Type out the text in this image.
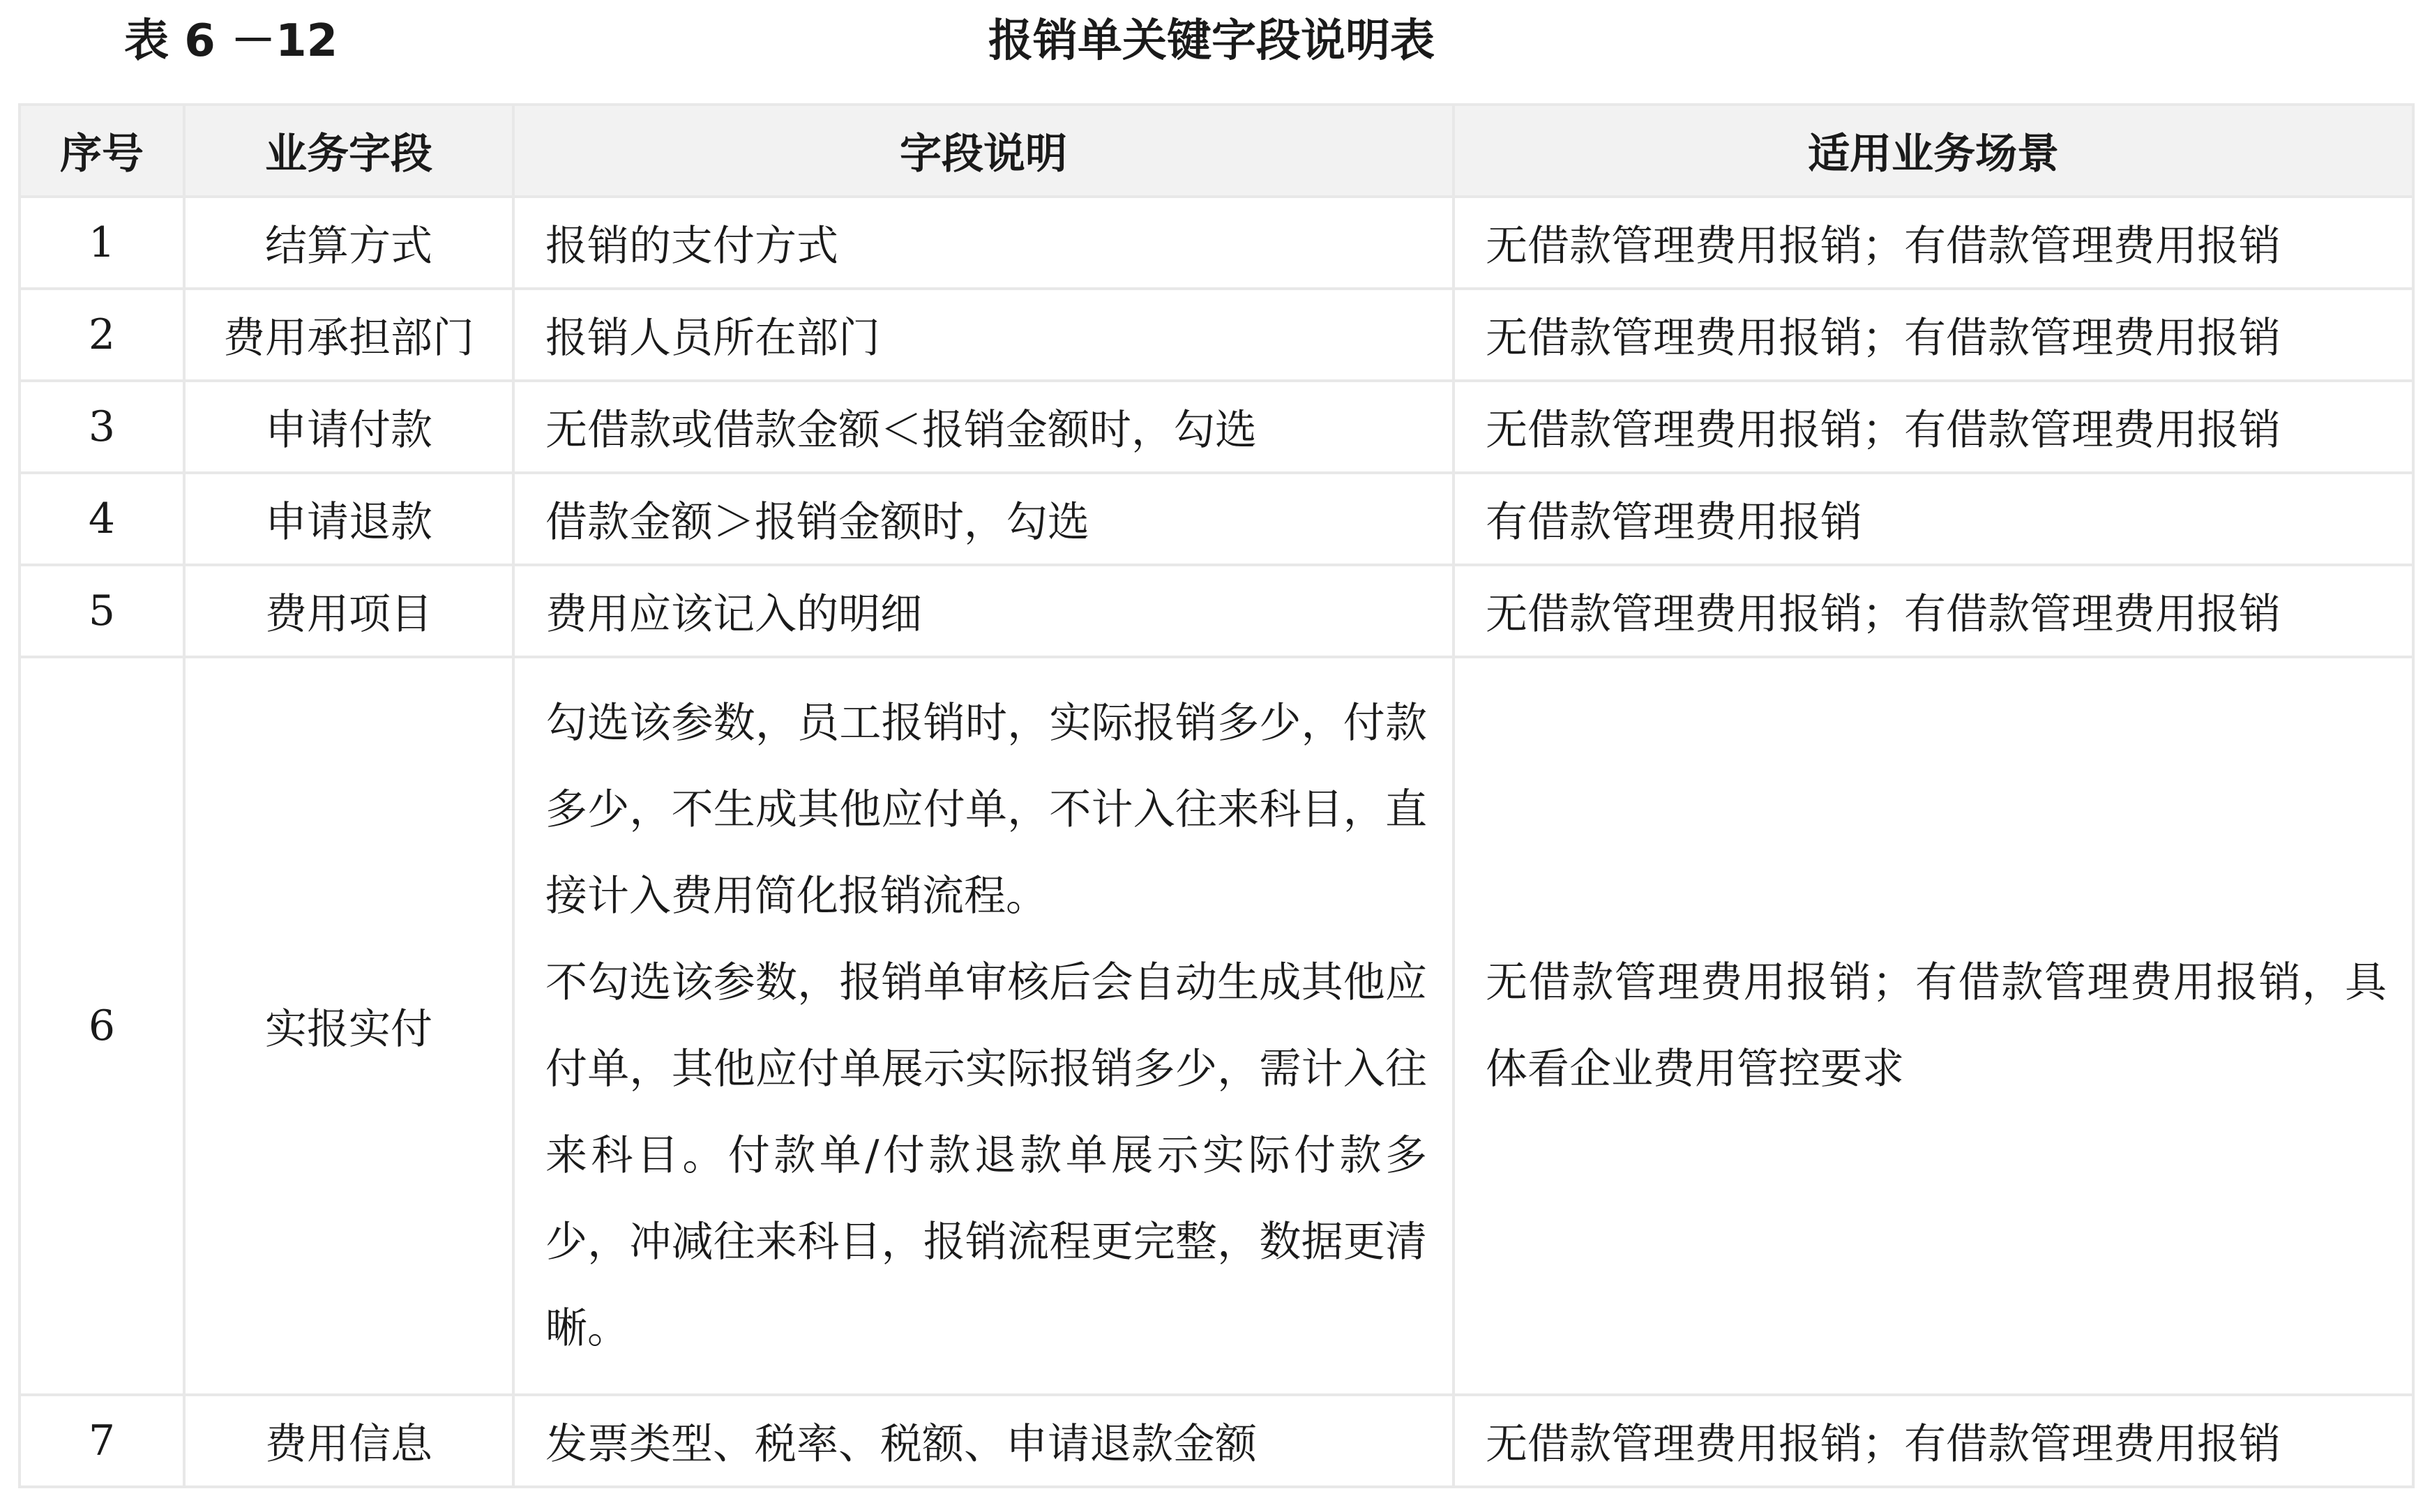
表 6 －12	报销单关键字段说明表
序号	业务字段	字段说明	适用业务场景
1	结算方式	报销的支付方式	无借款管理费用报销；有借款管理费用报销
2	费用承担部门	报销人员所在部门	无借款管理费用报销；有借款管理费用报销
3	申请付款	无借款或借款金额＜报销金额时，勾选	无借款管理费用报销；有借款管理费用报销
4	申请退款	借款金额＞报销金额时，勾选	有借款管理费用报销
5	费用项目	费用应该记入的明细	无借款管理费用报销；有借款管理费用报销
6	实报实付	勾选该参数，员工报销时，实际报销多少，付款多少，不生成其他应付单，不计入往来科目，直接计入费用简化报销流程。
不勾选该参数，报销单审核后会自动生成其他应付单，其他应付单展示实际报销多少，需计入往来科目。付款单/付款退款单展示实际付款多少，冲减往来科目，报销流程更完整，数据更清晰。	无借款管理费用报销；有借款管理费用报销，具体看企业费用管控要求

7	费用信息	发票类型、税率、税额、申请退款金额	无借款管理费用报销；有借款管理费用报销
